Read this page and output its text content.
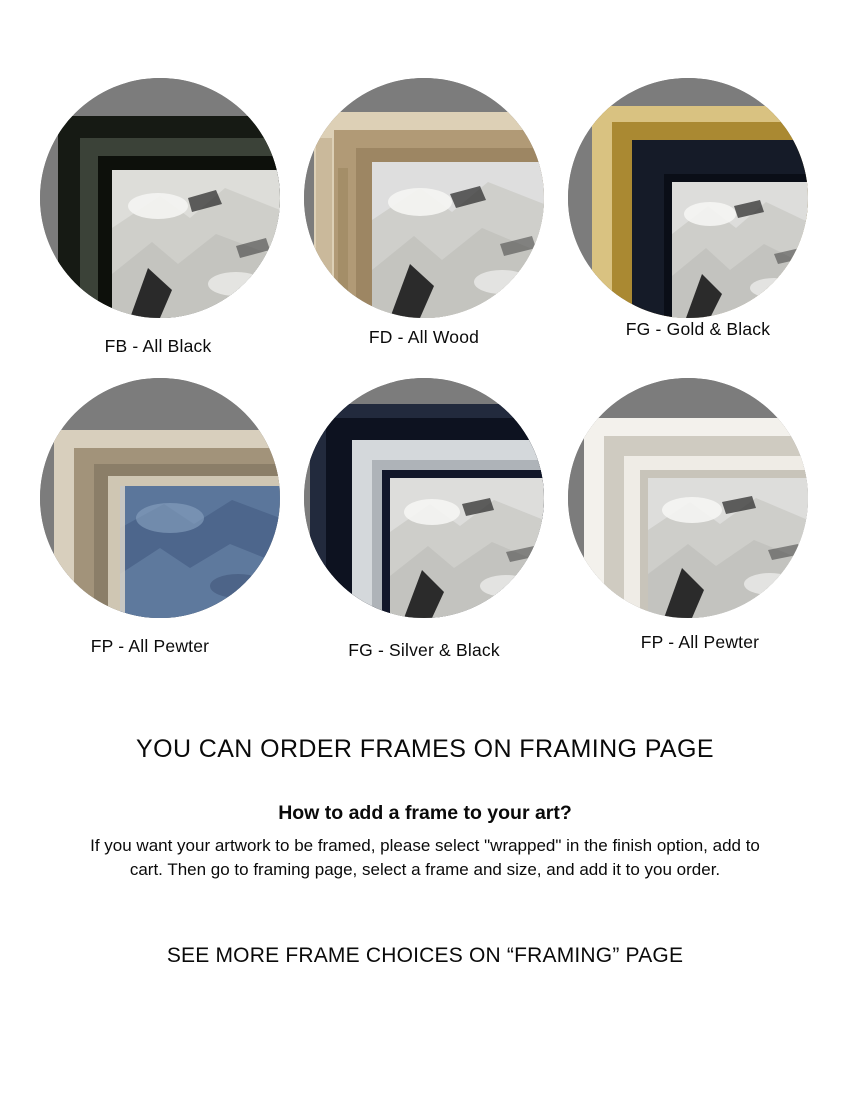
FB - All Black	FD - All Wood	FG - Gold & Black
FP - All Pewter	FG - Silver & Black	FP - All Pewter
YOU CAN ORDER FRAMES ON FRAMING PAGE
How to add a frame to your art?

If you want your artwork to be framed, please select "wrapped" in the finish option, add to cart. Then go to framing page, select a frame and size, and add it to you order.

SEE MORE FRAME CHOICES ON “FRAMING” PAGE
